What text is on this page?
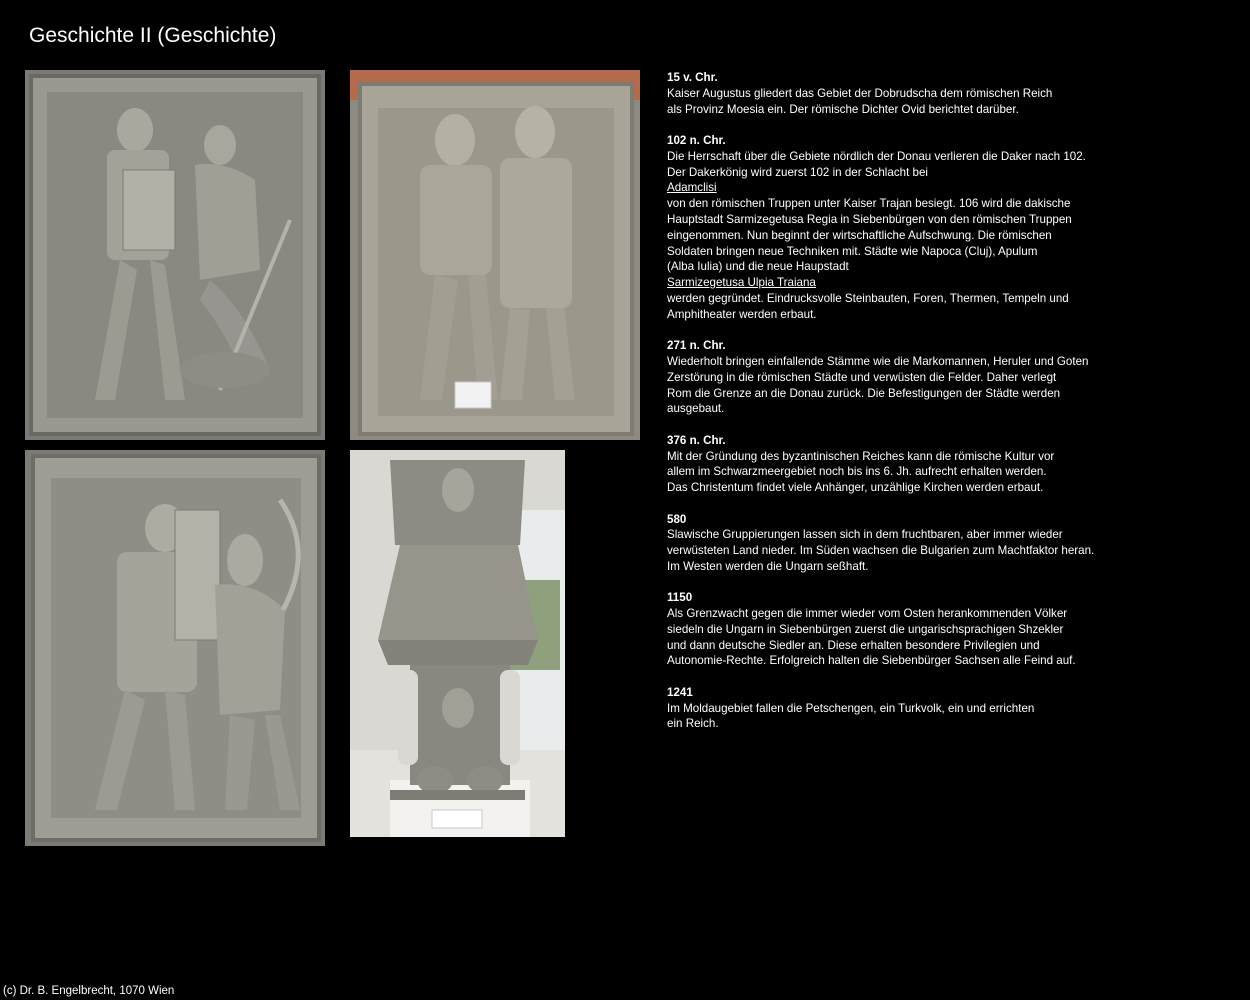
Geschichte II (Geschichte)
15 v. Chr.
Kaiser Augustus gliedert das Gebiet der Dobrudscha dem römischen Reich
als Provinz Moesia ein. Der römische Dichter Ovid berichtet darüber.
102 n. Chr.
Die Herrschaft über die Gebiete nördlich der Donau verlieren die Daker nach 102.
Der Dakerkönig wird zuerst 102 in der Schlacht bei
Adamclisi
von den römischen Truppen unter Kaiser Trajan besiegt. 106 wird die dakische
Hauptstadt Sarmizegetusa Regia in Siebenbürgen von den römischen Truppen
eingenommen. Nun beginnt der wirtschaftliche Aufschwung. Die römischen
Soldaten bringen neue Techniken mit. Städte wie Napoca (Cluj), Apulum
(Alba Iulia) und die neue Haupstadt
Sarmizegetusa Ulpia Traiana
werden gegründet. Eindrucksvolle Steinbauten, Foren, Thermen, Tempeln und
Amphitheater werden erbaut.
271 n. Chr.
Wiederholt bringen einfallende Stämme wie die Markomannen, Heruler und Goten
Zerstörung in die römischen Städte und verwüsten die Felder. Daher verlegt
Rom die Grenze an die Donau zurück. Die Befestigungen der Städte werden
ausgebaut.
376 n. Chr.
Mit der Gründung des byzantinischen Reiches kann die römische Kultur vor
allem im Schwarzmeergebiet noch bis ins 6. Jh. aufrecht erhalten werden.
Das Christentum findet viele Anhänger, unzählige Kirchen werden erbaut.
580
Slawische Gruppierungen lassen sich in dem fruchtbaren, aber immer wieder
verwüsteten Land nieder. Im Süden wachsen die Bulgarien zum Machtfaktor heran.
Im Westen werden die Ungarn seßhaft.
1150
Als Grenzwacht gegen die immer wieder vom Osten herankommenden Völker
siedeln die Ungarn in Siebenbürgen zuerst die ungarischsprachigen Shzekler
und dann deutsche Siedler an. Diese erhalten besondere Privilegien und
Autonomie-Rechte. Erfolgreich halten die Siebenbürger Sachsen alle Feind auf.
1241
Im Moldaugebiet fallen die Petschengen, ein Turkvolk, ein und errichten
ein Reich.
(c) Dr. B. Engelbrecht, 1070 Wien
